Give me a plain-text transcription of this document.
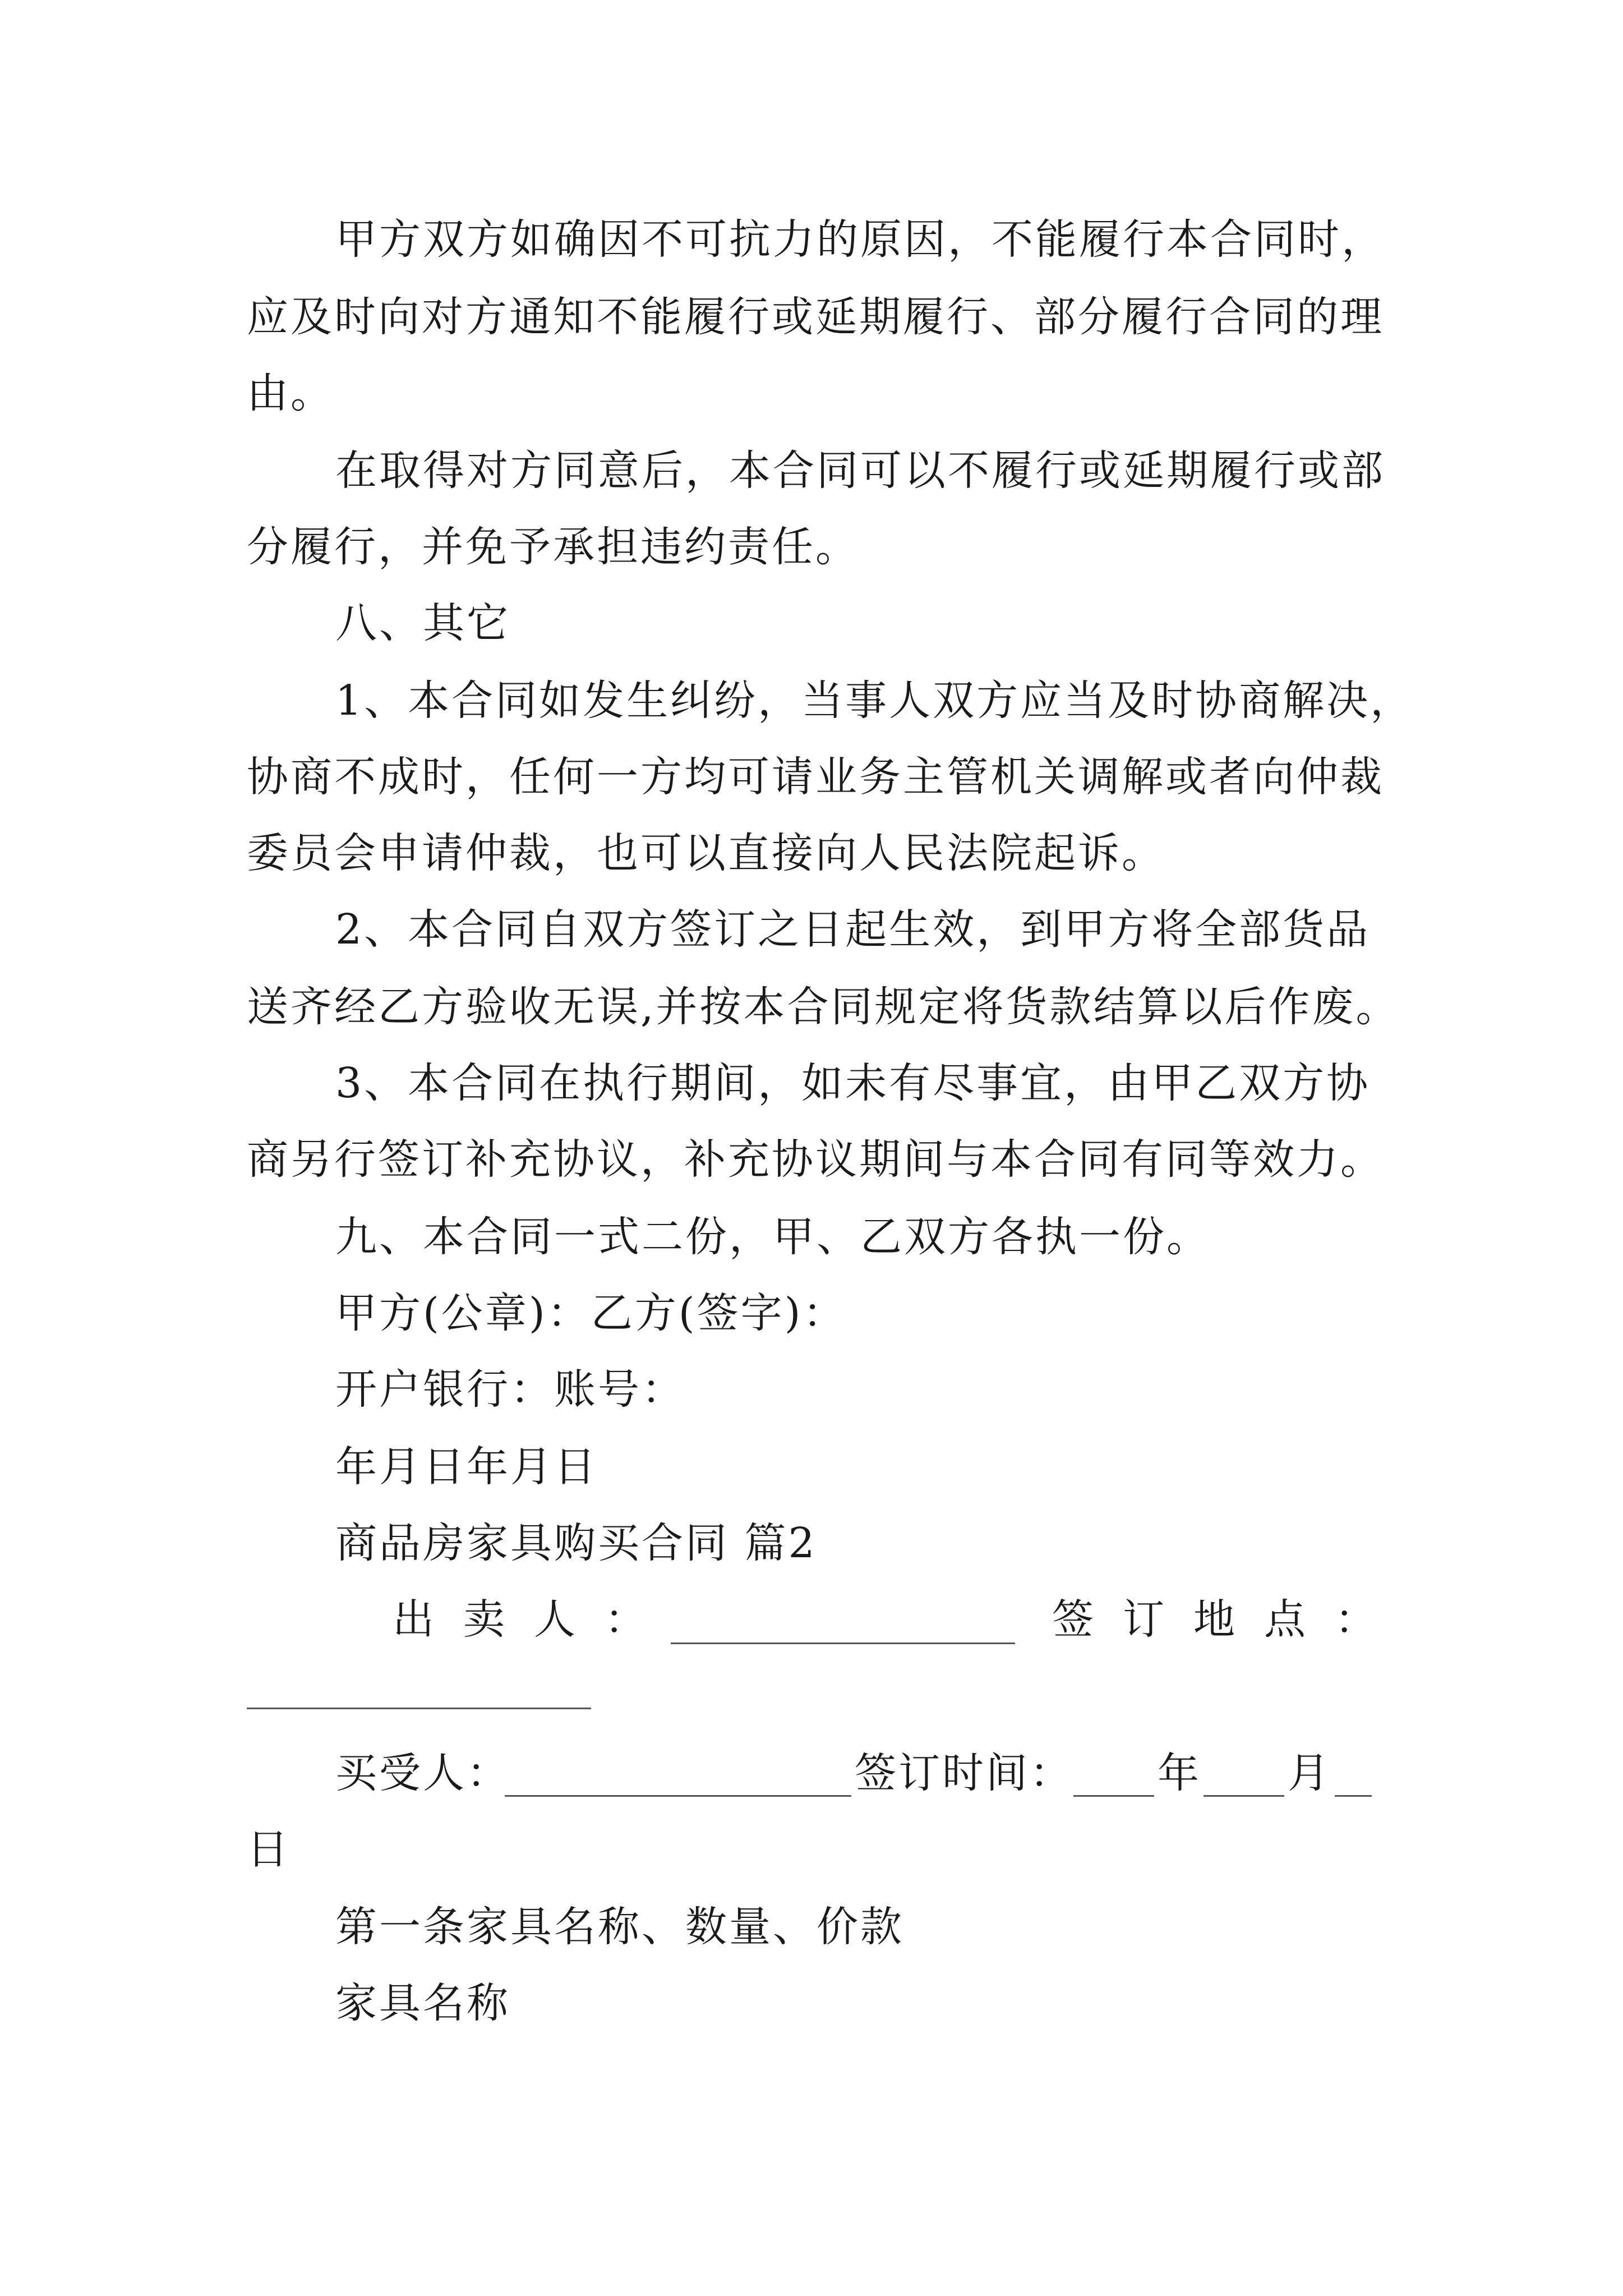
甲方双方如确因不可抗力的原因，不能履行本合同时，
应及时向对方通知不能履行或延期履行、部分履行合同的理
由。
在取得对方同意后，本合同可以不履行或延期履行或部
分履行，并免予承担违约责任。
八、其它
1、本合同如发生纠纷，当事人双方应当及时协商解决，
协商不成时，任何一方均可请业务主管机关调解或者向仲裁
委员会申请仲裁，也可以直接向人民法院起诉。
2、本合同自双方签订之日起生效，到甲方将全部货品
送齐经乙方验收无误,并按本合同规定将货款结算以后作废。
3、本合同在执行期间，如未有尽事宜，由甲乙双方协
商另行签订补充协议，补充协议期间与本合同有同等效力。
九、本合同一式二份，甲、乙双方各执一份。
甲方(公章)：乙方(签字)：
开户银行：账号：
年月日年月日
商品房家具购买合同 篇2
出卖人：	签订地点：
买受人：	签订时间： 年 月
日
第一条家具名称、数量、价款
家具名称
